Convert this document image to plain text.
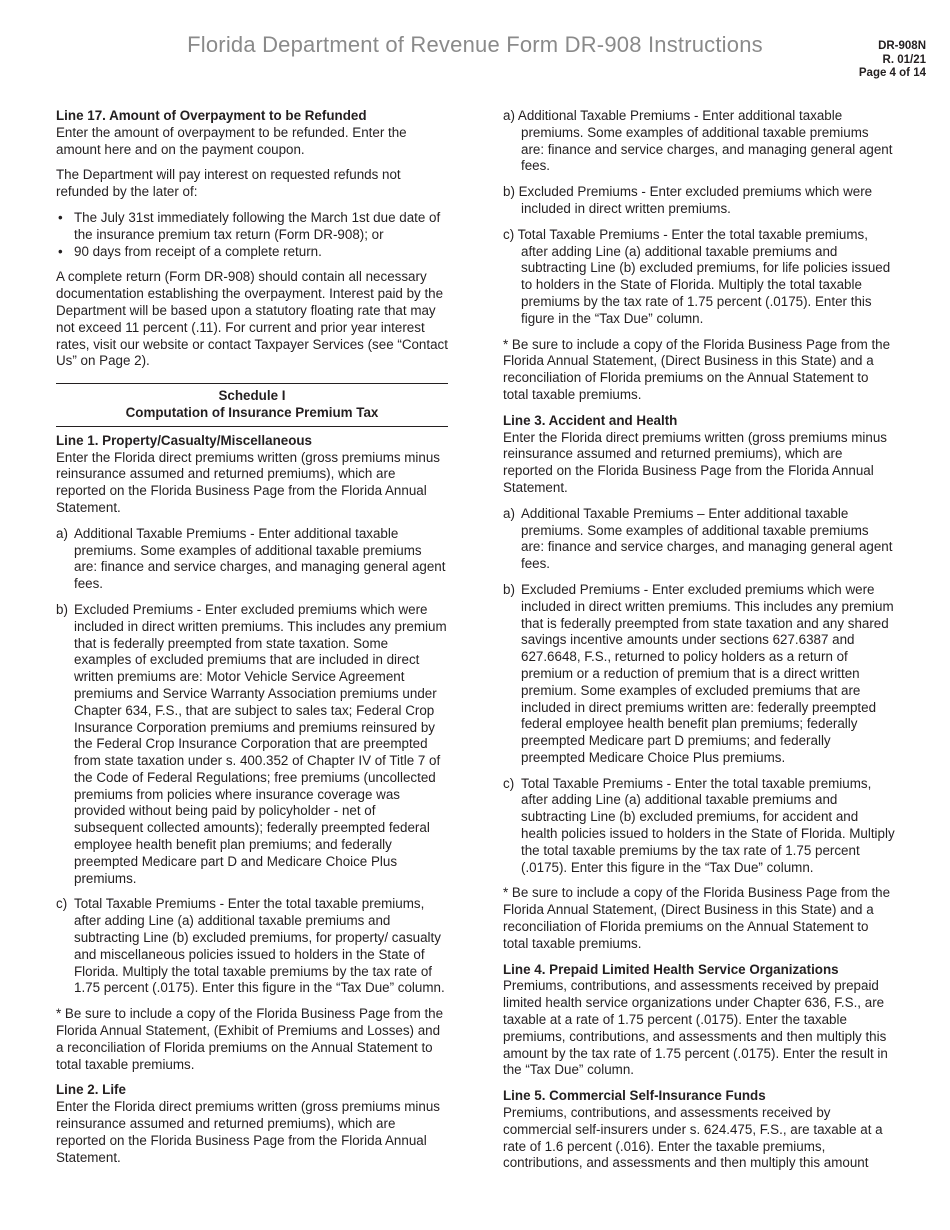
Florida Department of Revenue Form DR-908 Instructions	DR-908N
R. 01/21
Page 4 of 14
Line 17. Amount of Overpayment to be Refunded
Enter the amount of overpayment to be refunded. Enter the amount here and on the payment coupon.

The Department will pay interest on requested refunds not refunded by the later of:

• The July 31st immediately following the March 1st due date of the insurance premium tax return (Form DR-908); or
• 90 days from receipt of a complete return.

A complete return (Form DR-908) should contain all necessary documentation establishing the overpayment. Interest paid by the Department will be based upon a statutory floating rate that may not exceed 11 percent (.11). For current and prior year interest rates, visit our website or contact Taxpayer Services (see “Contact Us” on Page 2).

Schedule I
Computation of Insurance Premium Tax
Line 1. Property/Casualty/Miscellaneous
Enter the Florida direct premiums written (gross premiums minus reinsurance assumed and returned premiums), which are reported on the Florida Business Page from the Florida Annual Statement.
a) Additional Taxable Premiums - Enter additional taxable premiums. Some examples of additional taxable premiums are: finance and service charges, and managing general agent fees.
b) Excluded Premiums - Enter excluded premiums which were included in direct written premiums. This includes any premium that is federally preempted from state taxation. Some examples of excluded premiums that are included in direct written premiums are: Motor Vehicle Service Agreement premiums and Service Warranty Association premiums under Chapter 634, F.S., that are subject to sales tax; Federal Crop Insurance Corporation premiums and premiums reinsured by the Federal Crop Insurance Corporation that are preempted from state taxation under s. 400.352 of Chapter IV of Title 7 of the Code of Federal Regulations; free premiums (uncollected premiums from policies where insurance coverage was provided without being paid by policyholder - net of subsequent collected amounts); federally preempted federal employee health benefit plan premiums; and federally preempted Medicare part D and Medicare Choice Plus premiums.
c) Total Taxable Premiums - Enter the total taxable premiums, after adding Line (a) additional taxable premiums and subtracting Line (b) excluded premiums, for property/ casualty and miscellaneous policies issued to holders in the State of Florida. Multiply the total taxable premiums by the tax rate of 1.75 percent (.0175). Enter this figure in the “Tax Due” column.

* Be sure to include a copy of the Florida Business Page from the Florida Annual Statement, (Exhibit of Premiums and Losses) and a reconciliation of Florida premiums on the Annual Statement to total taxable premiums.

Line 2. Life
Enter the Florida direct premiums written (gross premiums minus reinsurance assumed and returned premiums), which are reported on the Florida Business Page from the Florida Annual Statement.

a) Additional Taxable Premiums - Enter additional taxable premiums. Some examples of additional taxable premiums are: finance and service charges, and managing general agent fees.

b) Excluded Premiums - Enter excluded premiums which were included in direct written premiums.

c) Total Taxable Premiums - Enter the total taxable premiums, after adding Line (a) additional taxable premiums and subtracting Line (b) excluded premiums, for life policies issued to holders in the State of Florida. Multiply the total taxable premiums by the tax rate of 1.75 percent (.0175). Enter this figure in the “Tax Due” column.

* Be sure to include a copy of the Florida Business Page from the Florida Annual Statement, (Direct Business in this State) and a reconciliation of Florida premiums on the Annual Statement to total taxable premiums.

Line 3. Accident and Health
Enter the Florida direct premiums written (gross premiums minus reinsurance assumed and returned premiums), which are reported on the Florida Business Page from the Florida Annual Statement.
a) Additional Taxable Premiums – Enter additional taxable premiums. Some examples of additional taxable premiums are: finance and service charges, and managing general agent fees.
b) Excluded Premiums - Enter excluded premiums which were included in direct written premiums. This includes any premium that is federally preempted from state taxation and any shared savings incentive amounts under sections 627.6387 and 627.6648, F.S., returned to policy holders as a return of premium or a reduction of premium that is a direct written premium. Some examples of excluded premiums that are included in direct premiums written are: federally preempted federal employee health benefit plan premiums; federally preempted Medicare part D premiums; and federally preempted Medicare Choice Plus premiums.
c) Total Taxable Premiums - Enter the total taxable premiums, after adding Line (a) additional taxable premiums and subtracting Line (b) excluded premiums, for accident and health policies issued to holders in the State of Florida. Multiply the total taxable premiums by the tax rate of 1.75 percent (.0175). Enter this figure in the “Tax Due” column.

* Be sure to include a copy of the Florida Business Page from the Florida Annual Statement, (Direct Business in this State) and a reconciliation of Florida premiums on the Annual Statement to total taxable premiums.

Line 4. Prepaid Limited Health Service Organizations
Premiums, contributions, and assessments received by prepaid limited health service organizations under Chapter 636, F.S., are taxable at a rate of 1.75 percent (.0175). Enter the taxable premiums, contributions, and assessments and then multiply this amount by the tax rate of 1.75 percent (.0175). Enter the result in the “Tax Due” column.
Line 5. Commercial Self-Insurance Funds
Premiums, contributions, and assessments received by commercial self-insurers under s. 624.475, F.S., are taxable at a rate of 1.6 percent (.016). Enter the taxable premiums, contributions, and assessments and then multiply this amount
